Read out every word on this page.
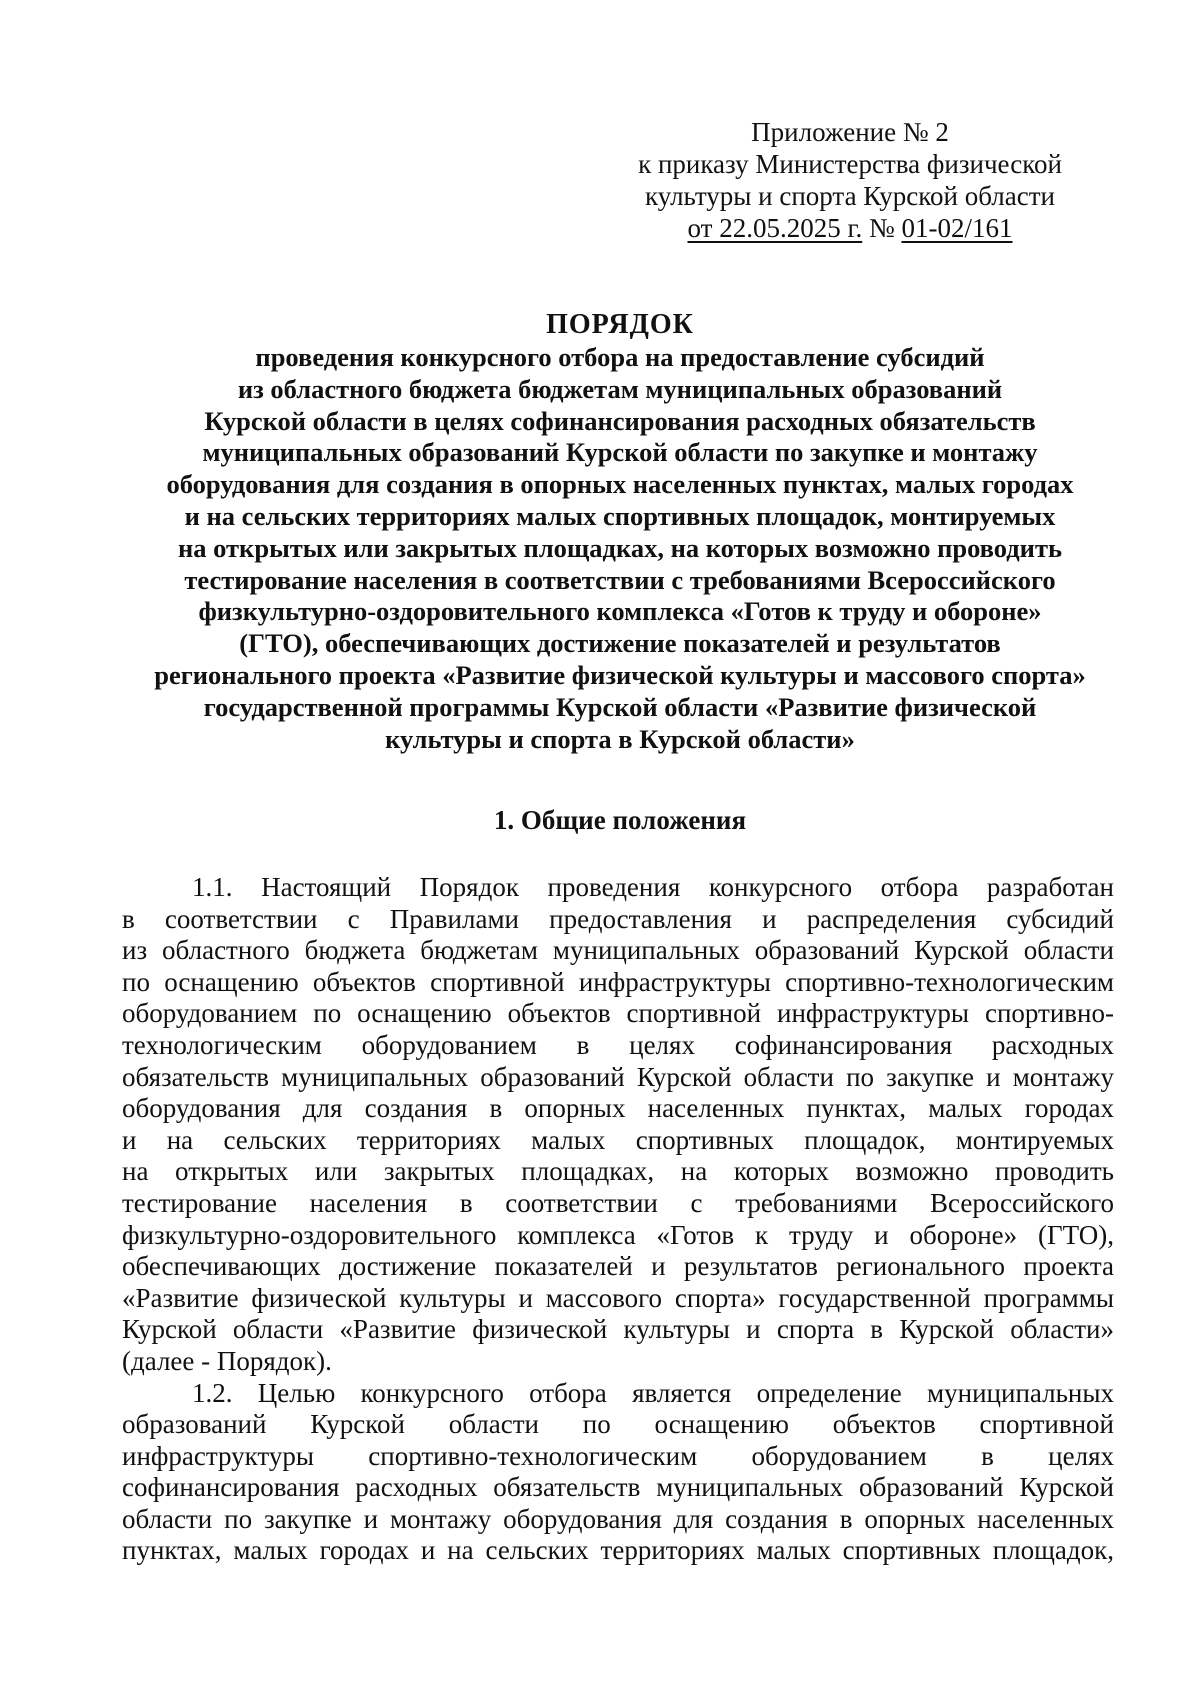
Приложение № 2
к приказу Министерства физической
культуры и спорта Курской области
от 22.05.2025 г. № 01-02/161
ПОРЯДОК
проведения конкурсного отбора на предоставление субсидий
из областного бюджета бюджетам муниципальных образований
Курской области в целях софинансирования расходных обязательств
муниципальных образований Курской области по закупке и монтажу
оборудования для создания в опорных населенных пунктах, малых городах
и на сельских территориях малых спортивных площадок, монтируемых
на открытых или закрытых площадках, на которых возможно проводить
тестирование населения в соответствии с требованиями Всероссийского
физкультурно-оздоровительного комплекса «Готов к труду и обороне»
(ГТО), обеспечивающих достижение показателей и результатов
регионального проекта «Развитие физической культуры и массового спорта»
государственной программы Курской области «Развитие физической
культуры и спорта в Курской области»
1. Общие положения
1.1. Настоящий Порядок проведения конкурсного отбора разработан
в соответствии с Правилами предоставления и распределения субсидий
из областного бюджета бюджетам муниципальных образований Курской области
по оснащению объектов спортивной инфраструктуры спортивно-технологическим
оборудованием по оснащению объектов спортивной инфраструктуры спортивно-
технологическим оборудованием в целях софинансирования расходных
обязательств муниципальных образований Курской области по закупке и монтажу
оборудования для создания в опорных населенных пунктах, малых городах
и на сельских территориях малых спортивных площадок, монтируемых
на открытых или закрытых площадках, на которых возможно проводить
тестирование населения в соответствии с требованиями Всероссийского
физкультурно-оздоровительного комплекса «Готов к труду и обороне» (ГТО),
обеспечивающих достижение показателей и результатов регионального проекта
«Развитие физической культуры и массового спорта» государственной программы
Курской области «Развитие физической культуры и спорта в Курской области»
(далее - Порядок).
1.2. Целью конкурсного отбора является определение муниципальных
образований Курской области по оснащению объектов спортивной
инфраструктуры спортивно-технологическим оборудованием в целях
софинансирования расходных обязательств муниципальных образований Курской
области по закупке и монтажу оборудования для создания в опорных населенных
пунктах, малых городах и на сельских территориях малых спортивных площадок,
